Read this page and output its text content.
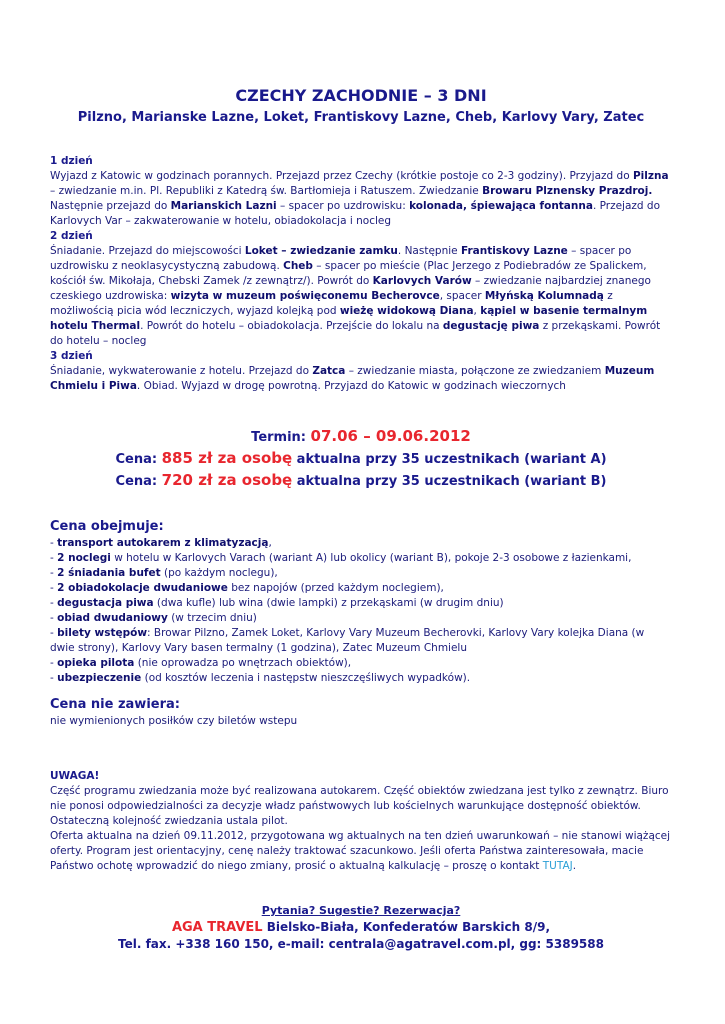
CZECHY ZACHODNIE – 3 DNI

Pilzno, Marianske Lazne, Loket, Frantiskovy Lazne, Cheb, Karlovy Vary, Zatec

1 dzień

Wyjazd z Katowic w godzinach porannych. Przejazd przez Czechy (krótkie postoje co 2-3 godziny). Przyjazd do Pilzna – zwiedzanie m.in. Pl. Republiki z Katedrą św. Bartłomieja i Ratuszem. Zwiedzanie Browaru Plznensky Prazdroj. Następnie przejazd do Marianskich Lazni – spacer po uzdrowisku: kolonada, śpiewająca fontanna. Przejazd do Karlovych Var – zakwaterowanie w hotelu, obiadokolacja i nocleg

2 dzień

Śniadanie. Przejazd do miejscowości Loket – zwiedzanie zamku. Następnie Frantiskovy Lazne – spacer po uzdrowisku z neoklasycystyczną zabudową. Cheb – spacer po mieście (Plac Jerzego z Podiebradów ze Spalickem, kościół św. Mikołaja, Chebski Zamek /z zewnątrz/). Powrót do Karlovych Varów – zwiedzanie najbardziej znanego czeskiego uzdrowiska: wizyta w muzeum poświęconemu Becherovce, spacer Młyńską Kolumnadą z możliwością picia wód leczniczych, wyjazd kolejką pod wieżę widokową Diana, kąpiel w basenie termalnym hotelu Thermal. Powrót do hotelu – obiadokolacja. Przejście do lokalu na degustację piwa z przekąskami. Powrót do hotelu – nocleg

3 dzień

Śniadanie, wykwaterowanie z hotelu. Przejazd do Zatca – zwiedzanie miasta, połączone ze zwiedzaniem Muzeum Chmielu i Piwa. Obiad. Wyjazd w drogę powrotną. Przyjazd do Katowic w godzinach wieczornych

Termin: 07.06 – 09.06.2012
Cena: 885 zł za osobę aktualna przy 35 uczestnikach (wariant A)
Cena: 720 zł za osobę aktualna przy 35 uczestnikach (wariant B)
Cena obejmuje:
- transport autokarem z klimatyzacją,
- 2 noclegi w hotelu w Karlovych Varach (wariant A) lub okolicy (wariant B), pokoje 2-3 osobowe z łazienkami,
- 2 śniadania bufet (po każdym noclegu),
- 2 obiadokolacje dwudaniowe bez napojów (przed każdym noclegiem),
- degustacja piwa (dwa kufle) lub wina (dwie lampki) z przekąskami (w drugim dniu)
- obiad dwudaniowy (w trzecim dniu)
- bilety wstępów: Browar Pilzno, Zamek Loket, Karlovy Vary Muzeum Becherovki, Karlovy Vary kolejka Diana (w dwie strony), Karlovy Vary basen termalny (1 godzina), Zatec Muzeum Chmielu
- opieka pilota (nie oprowadza po wnętrzach obiektów),
- ubezpieczenie (od kosztów leczenia i następstw nieszczęśliwych wypadków).
Cena nie zawiera:
nie wymienionych posiłków czy biletów wstepu
UWAGA!

Część programu zwiedzania może być realizowana autokarem. Część obiektów zwiedzana jest tylko z zewnątrz. Biuro nie ponosi odpowiedzialności za decyzje władz państwowych lub kościelnych warunkujące dostępność obiektów. Ostateczną kolejność zwiedzania ustala pilot.

Oferta aktualna na dzień 09.11.2012, przygotowana wg aktualnych na ten dzień uwarunkowań – nie stanowi wiążącej oferty. Program jest orientacyjny, cenę należy traktować szacunkowo. Jeśli oferta Państwa zainteresowała, macie Państwo ochotę wprowadzić do niego zmiany, prosić o aktualną kalkulację – proszę o kontakt TUTAJ.

Pytania? Sugestie? Rezerwacja?
AGA TRAVEL Bielsko-Biała, Konfederatów Barskich 8/9,
Tel. fax. +338 160 150, e-mail: centrala@agatravel.com.pl, gg: 5389588
